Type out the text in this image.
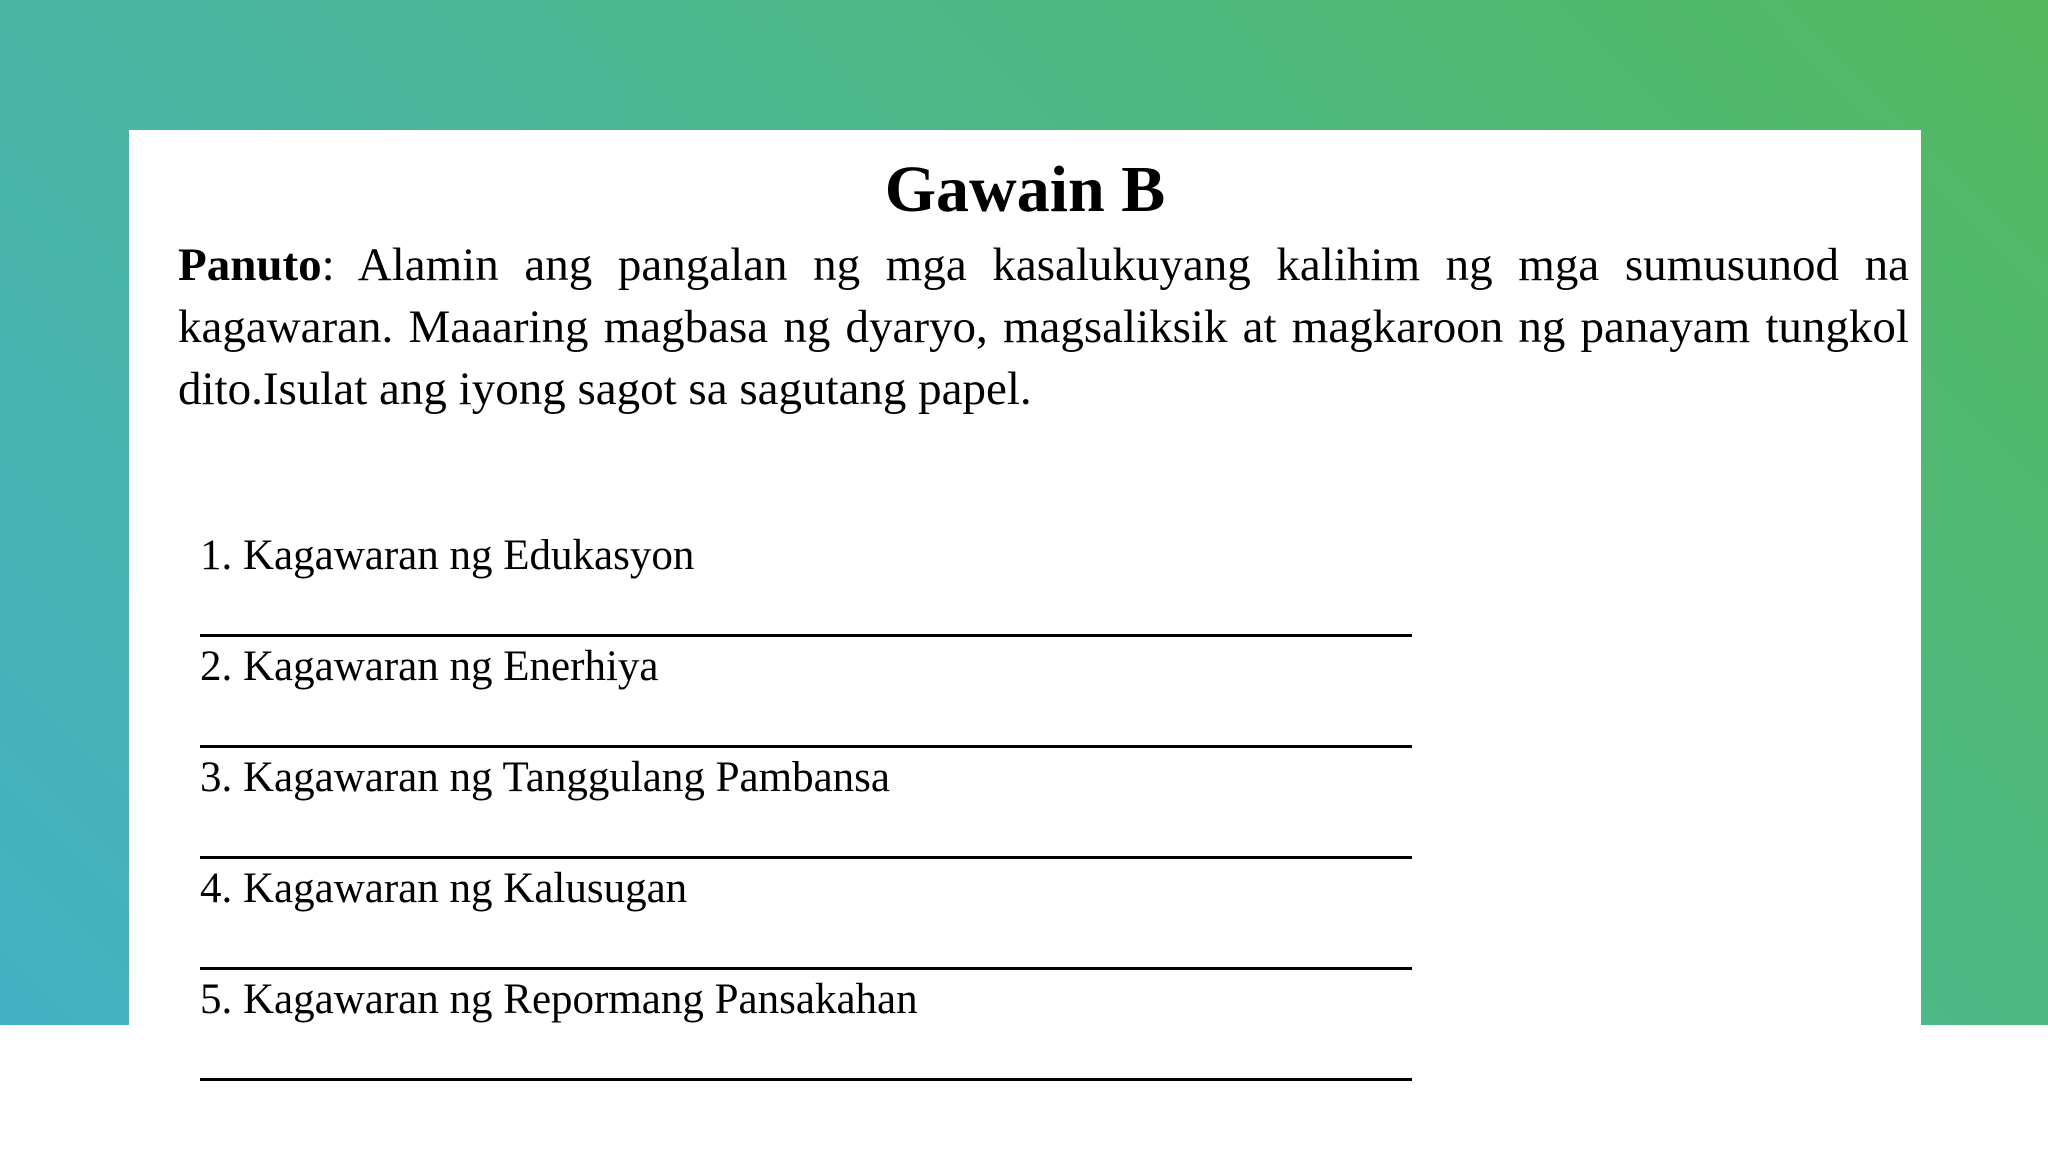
Gawain B
Panuto: Alamin ang pangalan ng mga kasalukuyang kalihim ng mga sumusunod na kagawaran. Maaaring magbasa ng dyaryo, magsaliksik at magkaroon ng panayam tungkol dito.Isulat ang iyong sagot sa sagutang papel.
1. Kagawaran ng Edukasyon
2. Kagawaran ng Enerhiya
3. Kagawaran ng Tanggulang Pambansa
4. Kagawaran ng Kalusugan
5. Kagawaran ng Repormang Pansakahan
